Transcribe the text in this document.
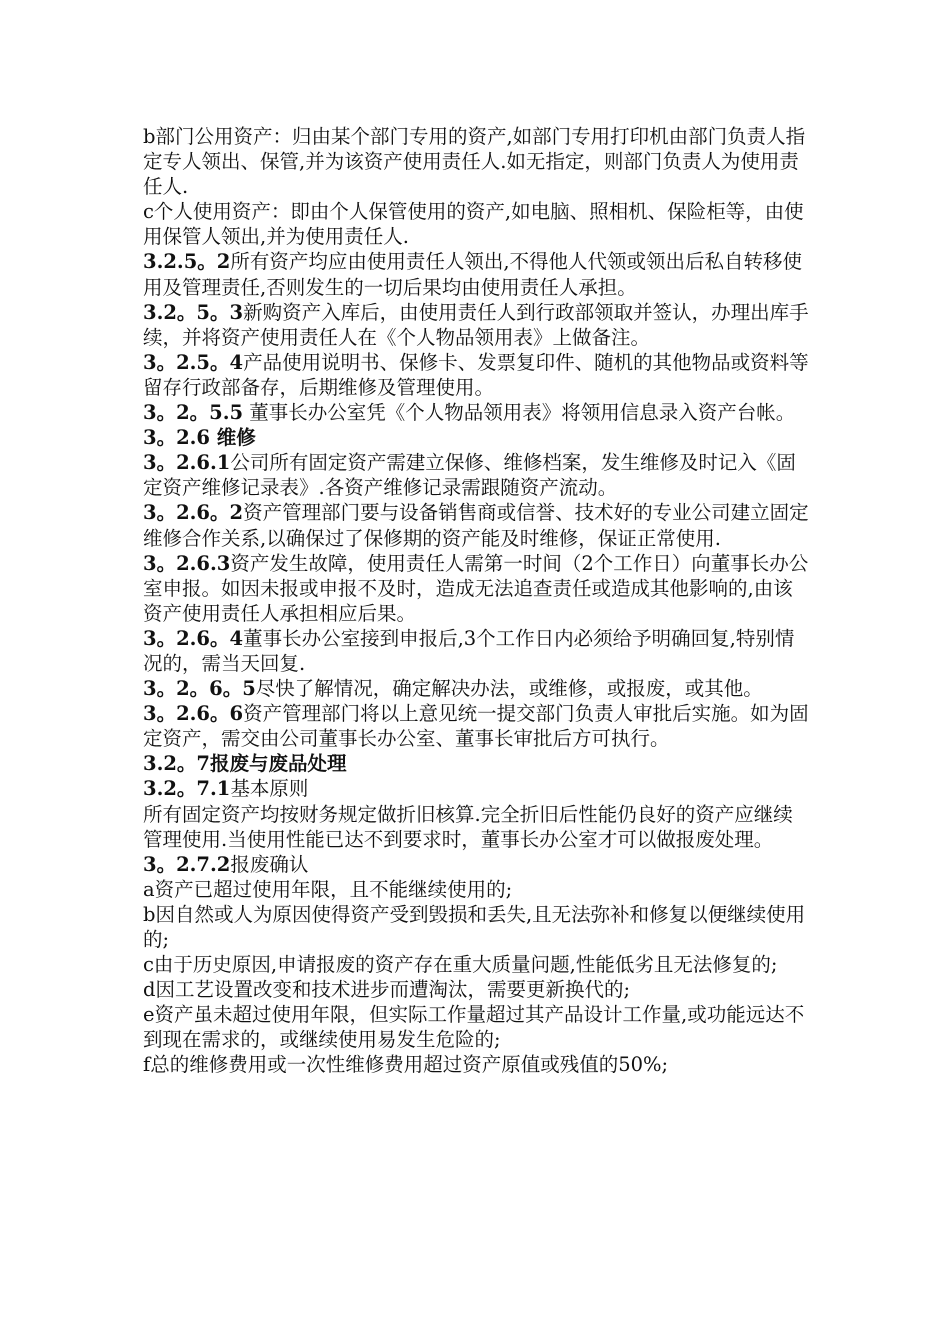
b部门公用资产：归由某个部门专用的资产,如部门专用打印机由部门负责人指定专人领出、保管,并为该资产使用责任人.如无指定，则部门负责人为使用责任人.
c个人使用资产：即由个人保管使用的资产,如电脑、照相机、保险柜等，由使用保管人领出,并为使用责任人.
3.2.5。2所有资产均应由使用责任人领出,不得他人代领或领出后私自转移使用及管理责任,否则发生的一切后果均由使用责任人承担。
3.2。5。3新购资产入库后，由使用责任人到行政部领取并签认，办理出库手续，并将资产使用责任人在《个人物品领用表》上做备注。
3。2.5。4产品使用说明书、保修卡、发票复印件、随机的其他物品或资料等留存行政部备存，后期维修及管理使用。
3。2。5.5 董事长办公室凭《个人物品领用表》将领用信息录入资产台帐。
3。2.6 维修
3。2.6.1公司所有固定资产需建立保修、维修档案，发生维修及时记入《固定资产维修记录表》.各资产维修记录需跟随资产流动。
3。2.6。2资产管理部门要与设备销售商或信誉、技术好的专业公司建立固定维修合作关系,以确保过了保修期的资产能及时维修，保证正常使用.
3。2.6.3资产发生故障，使用责任人需第一时间（2个工作日）向董事长办公室申报。如因未报或申报不及时，造成无法追查责任或造成其他影响的,由该资产使用责任人承担相应后果。
3。2.6。4董事长办公室接到申报后,3个工作日内必须给予明确回复,特别情况的，需当天回复.
3。2。6。5尽快了解情况，确定解决办法，或维修，或报废，或其他。
3。2.6。6资产管理部门将以上意见统一提交部门负责人审批后实施。如为固定资产，需交由公司董事长办公室、董事长审批后方可执行。
3.2。7报废与废品处理
3.2。7.1基本原则
所有固定资产均按财务规定做折旧核算.完全折旧后性能仍良好的资产应继续管理使用.当使用性能已达不到要求时，董事长办公室才可以做报废处理。
3。2.7.2报废确认
a资产已超过使用年限，且不能继续使用的;
b因自然或人为原因使得资产受到毁损和丢失,且无法弥补和修复以便继续使用的;
c由于历史原因,申请报废的资产存在重大质量问题,性能低劣且无法修复的;
d因工艺设置改变和技术进步而遭淘汰，需要更新换代的;
e资产虽未超过使用年限，但实际工作量超过其产品设计工作量,或功能远达不到现在需求的，或继续使用易发生危险的;
f总的维修费用或一次性维修费用超过资产原值或残值的50%;
